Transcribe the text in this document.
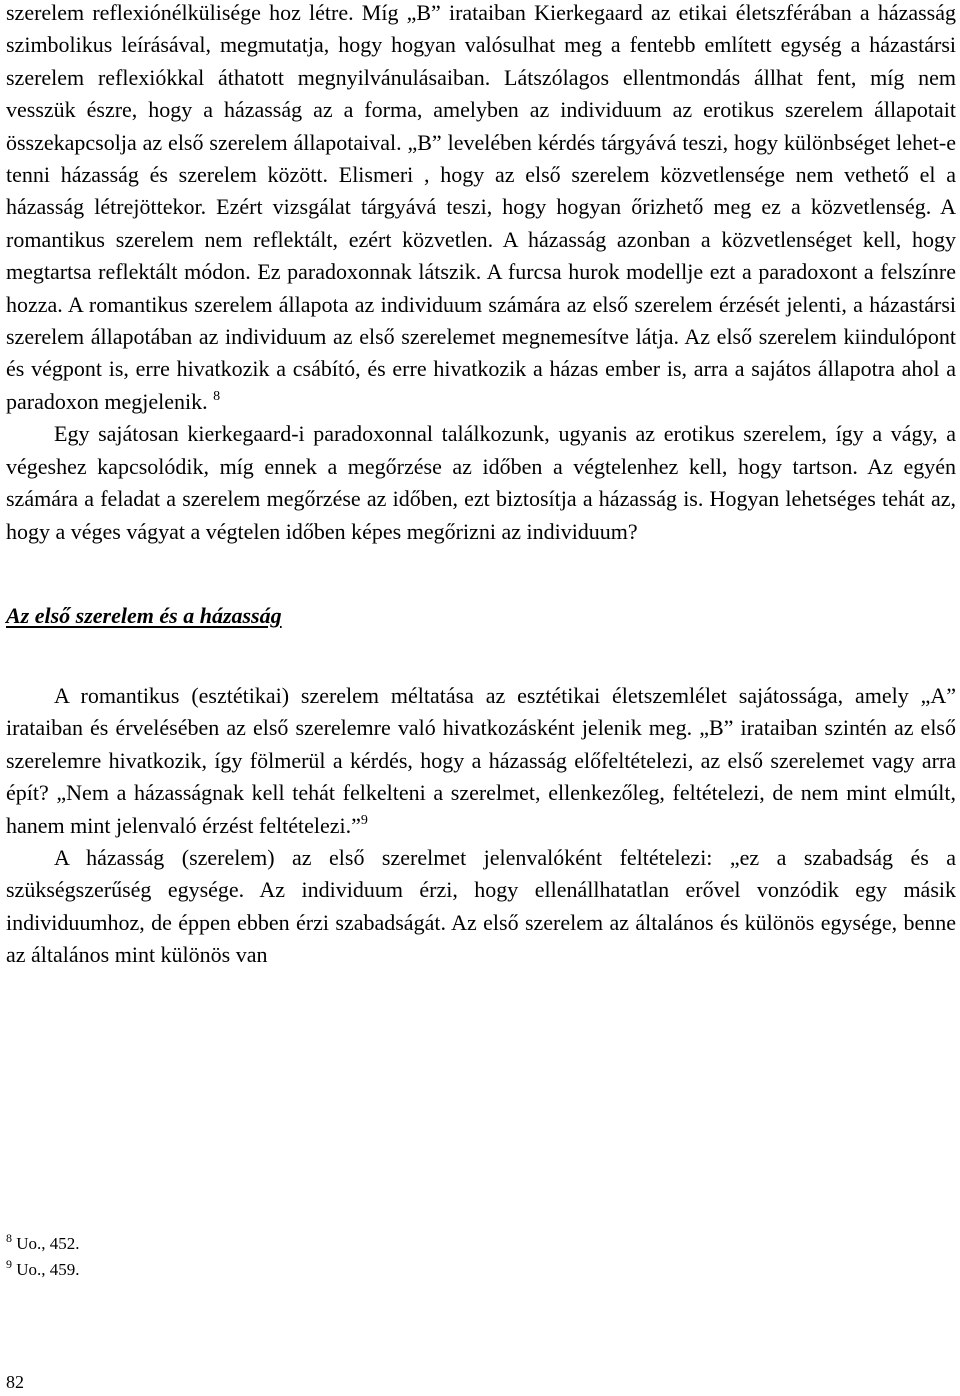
szerelem reflexiónélkülisége hoz létre. Míg „B” irataiban Kierkegaard az etikai életszférában a házasság szimbolikus leírásával, megmutatja, hogy hogyan valósulhat meg a fentebb említett egység a házastársi szerelem reflexiókkal áthatott megnyilvánulásaiban. Látszólagos ellentmondás állhat fent, míg nem vesszük észre, hogy a házasság az a forma, amelyben az individuum az erotikus szerelem állapotait összekapcsolja az első szerelem állapotaival. „B” levelében kérdés tárgyává teszi, hogy különbséget lehet-e tenni házasság és szerelem között. Elismeri , hogy az első szerelem közvetlensége nem vethető el a házasság létrejöttekor. Ezért vizsgálat tárgyává teszi, hogy hogyan őrizhető meg ez a közvetlenség. A romantikus szerelem nem reflektált, ezért közvetlen. A házasság azonban a közvetlenséget kell, hogy megtartsa reflektált módon. Ez paradoxonnak látszik. A furcsa hurok modellje ezt a paradoxont a felszínre hozza. A romantikus szerelem állapota az individuum számára az első szerelem érzését jelenti, a házastársi szerelem állapotában az individuum az első szerelemet megnemesítve látja. Az első szerelem kiindulópont és végpont is, erre hivatkozik a csábító, és erre hivatkozik a házas ember is, arra a sajátos állapotra ahol a paradoxon megjelenik. $^8$

Egy sajátosan kierkegaard-i paradoxonnal találkozunk, ugyanis az erotikus szerelem, így a vágy, a végeshez kapcsolódik, míg ennek a megőrzése az időben a végtelenhez kell, hogy tartson. Az egyén számára a feladat a szerelem megőrzése az időben, ezt biztosítja a házasság is. Hogyan lehetséges tehát az, hogy a véges vágyat a végtelen időben képes megőrizni az individuum?

Az első szerelem és a házasság

A romantikus (esztétikai) szerelem méltatása az esztétikai életszemlélet sajátossága, amely „A” irataiban és érvelésében az első szerelemre való hivatkozásként jelenik meg. „B” irataiban szintén az első szerelemre hivatkozik, így fölmerül a kérdés, hogy a házasság előfeltételezi, az első szerelemet vagy arra épít? „Nem a házasságnak kell tehát felkelteni a szerelmet, ellenkezőleg, feltételezi, de nem mint elmúlt, hanem mint jelenvaló érzést feltételezi.”$^9$

A házasság (szerelem) az első szerelmet jelenvalóként feltételezi: „ez a szabadság és a szükségszerűség egysége. Az individuum érzi, hogy ellenállhatatlan erővel vonzódik egy másik individuumhoz, de éppen ebben érzi szabadságát. Az első szerelem az általános és különös egysége, benne az általános mint különös van

$^8$ Uo., 452.
$^9$ Uo., 459.
82
